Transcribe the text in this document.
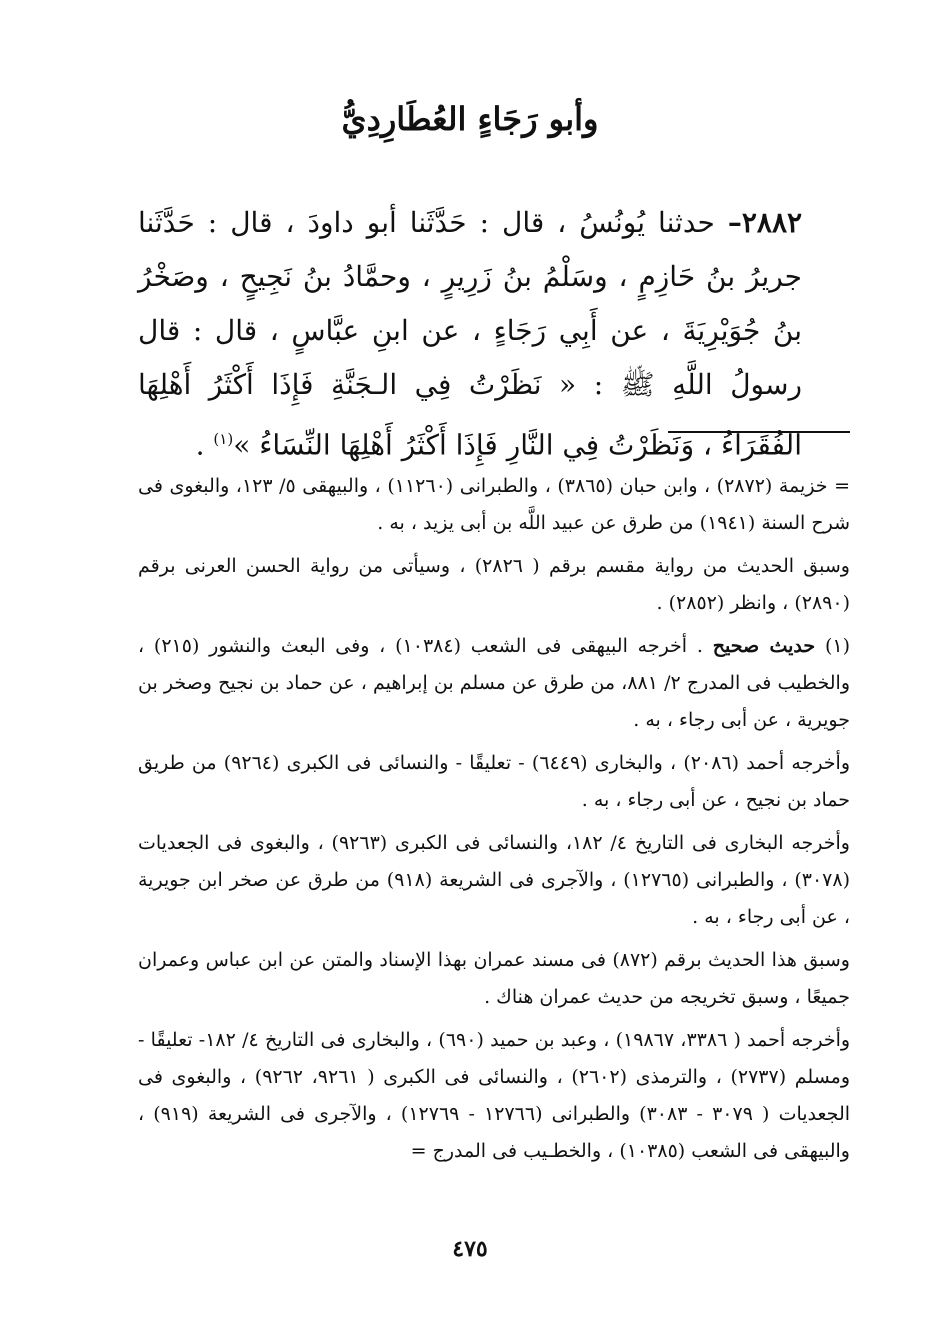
وأبو رَجَاءٍ العُطَارِدِيُّ
٢٨٨٢– حدثنا يُونُسُ ، قال : حَدَّثَنا أبو داودَ ، قال : حَدَّثَنا جريرُ بنُ حَازِمٍ ، وسَلْمُ بنُ زَرِيرٍ ، وحمَّادُ بنُ نَجِيحٍ ، وصَخْرُ بنُ جُوَيْرِيَةَ ، عن أَبِي رَجَاءٍ ، عن ابنِ عبَّاسٍ ، قال : قال رسولُ اللَّهِ ﷺ : « نَظَرْتُ فِي الـجَنَّةِ فَإِذَا أَكْثَرُ أَهْلِهَا الفُقَرَاءُ ، وَنَظَرْتُ فِي النَّارِ فَإِذَا أَكْثَرُ أَهْلِهَا النِّسَاءُ »$^{(١)}$ .

= خزيمة (٢٨٧٢) ، وابن حبان (٣٨٦٥) ، والطبرانى (١١٢٦٠) ، والبيهقى ٥/ ١٢٣، والبغوى فى شرح السنة (١٩٤١) من طرق عن عبيد اللَّه بن أبى يزيد ، به .

وسبق الحديث من رواية مقسم برقم ( ٢٨٢٦) ، وسيأتى من رواية الحسن العرنى برقم (٢٨٩٠) ، وانظر (٢٨٥٢) .

(١) حديث صحيح . أخرجه البيهقى فى الشعب (١٠٣٨٤) ، وفى البعث والنشور (٢١٥) ، والخطيب فى المدرج ٢/ ٨٨١، من طرق عن مسلم بن إبراهيم ، عن حماد بن نجيح وصخر بن جويرية ، عن أبى رجاء ، به .

وأخرجه أحمد (٢٠٨٦) ، والبخارى (٦٤٤٩) - تعليقًا - والنسائى فى الكبرى (٩٢٦٤) من طريق حماد بن نجيح ، عن أبى رجاء ، به .

وأخرجه البخارى فى التاريخ ٤/ ١٨٢، والنسائى فى الكبرى (٩٢٦٣) ، والبغوى فى الجعديات (٣٠٧٨) ، والطبرانى (١٢٧٦٥) ، والآجرى فى الشريعة (٩١٨) من طرق عن صخر ابن جويرية ، عن أبى رجاء ، به .

وسبق هذا الحديث برقم (٨٧٢) فى مسند عمران بهذا الإسناد والمتن عن ابن عباس وعمران جميعًا ، وسبق تخريجه من حديث عمران هناك .

وأخرجه أحمد ( ٣٣٨٦، ١٩٨٦٧) ، وعبد بن حميد (٦٩٠) ، والبخارى فى التاريخ ٤/ ١٨٢- تعليقًا - ومسلم (٢٧٣٧) ، والترمذى (٢٦٠٢) ، والنسائى فى الكبرى ( ٩٢٦١، ٩٢٦٢) ، والبغوى فى الجعديات ( ٣٠٧٩ - ٣٠٨٣) والطبرانى (١٢٧٦٦ - ١٢٧٦٩) ، والآجرى فى الشريعة (٩١٩) ، والبيهقى فى الشعب (١٠٣٨٥) ، والخطـيب فى المدرج =

٤٧٥
